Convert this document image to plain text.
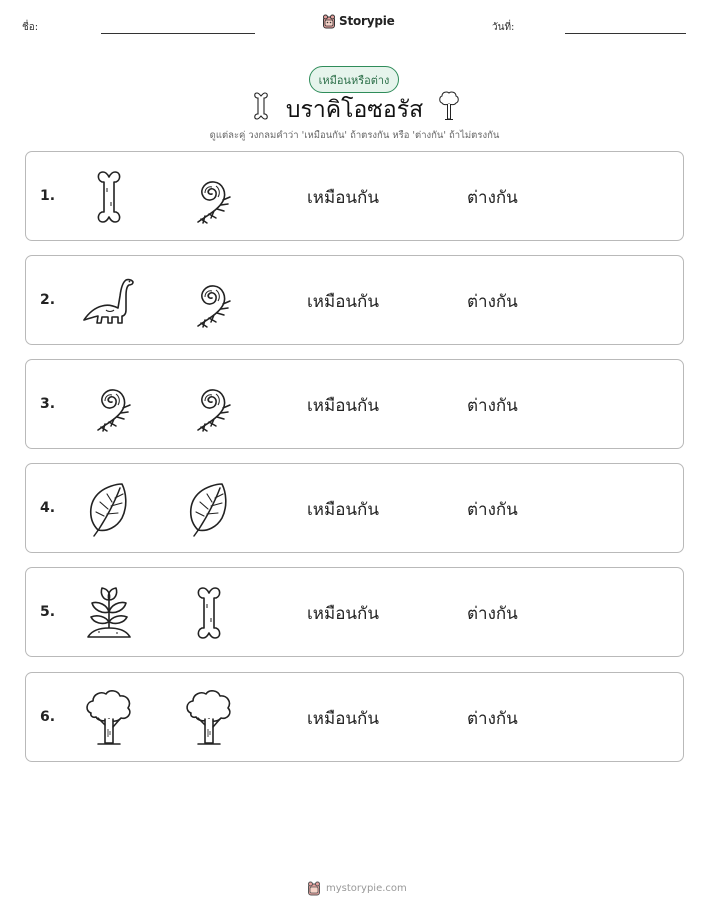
ชื่อ:	Storypie	วันที่:
เหมือนหรือต่าง
บราคิโอซอรัส
ดูแต่ละคู่ วงกลมคำว่า 'เหมือนกัน' ถ้าตรงกัน หรือ 'ต่างกัน' ถ้าไม่ตรงกัน
1.	เหมือนกัน	ต่างกัน
2.	เหมือนกัน	ต่างกัน
3.	เหมือนกัน	ต่างกัน
4.	เหมือนกัน	ต่างกัน
5.	เหมือนกัน	ต่างกัน
6.	เหมือนกัน	ต่างกัน
mystorypie.com
